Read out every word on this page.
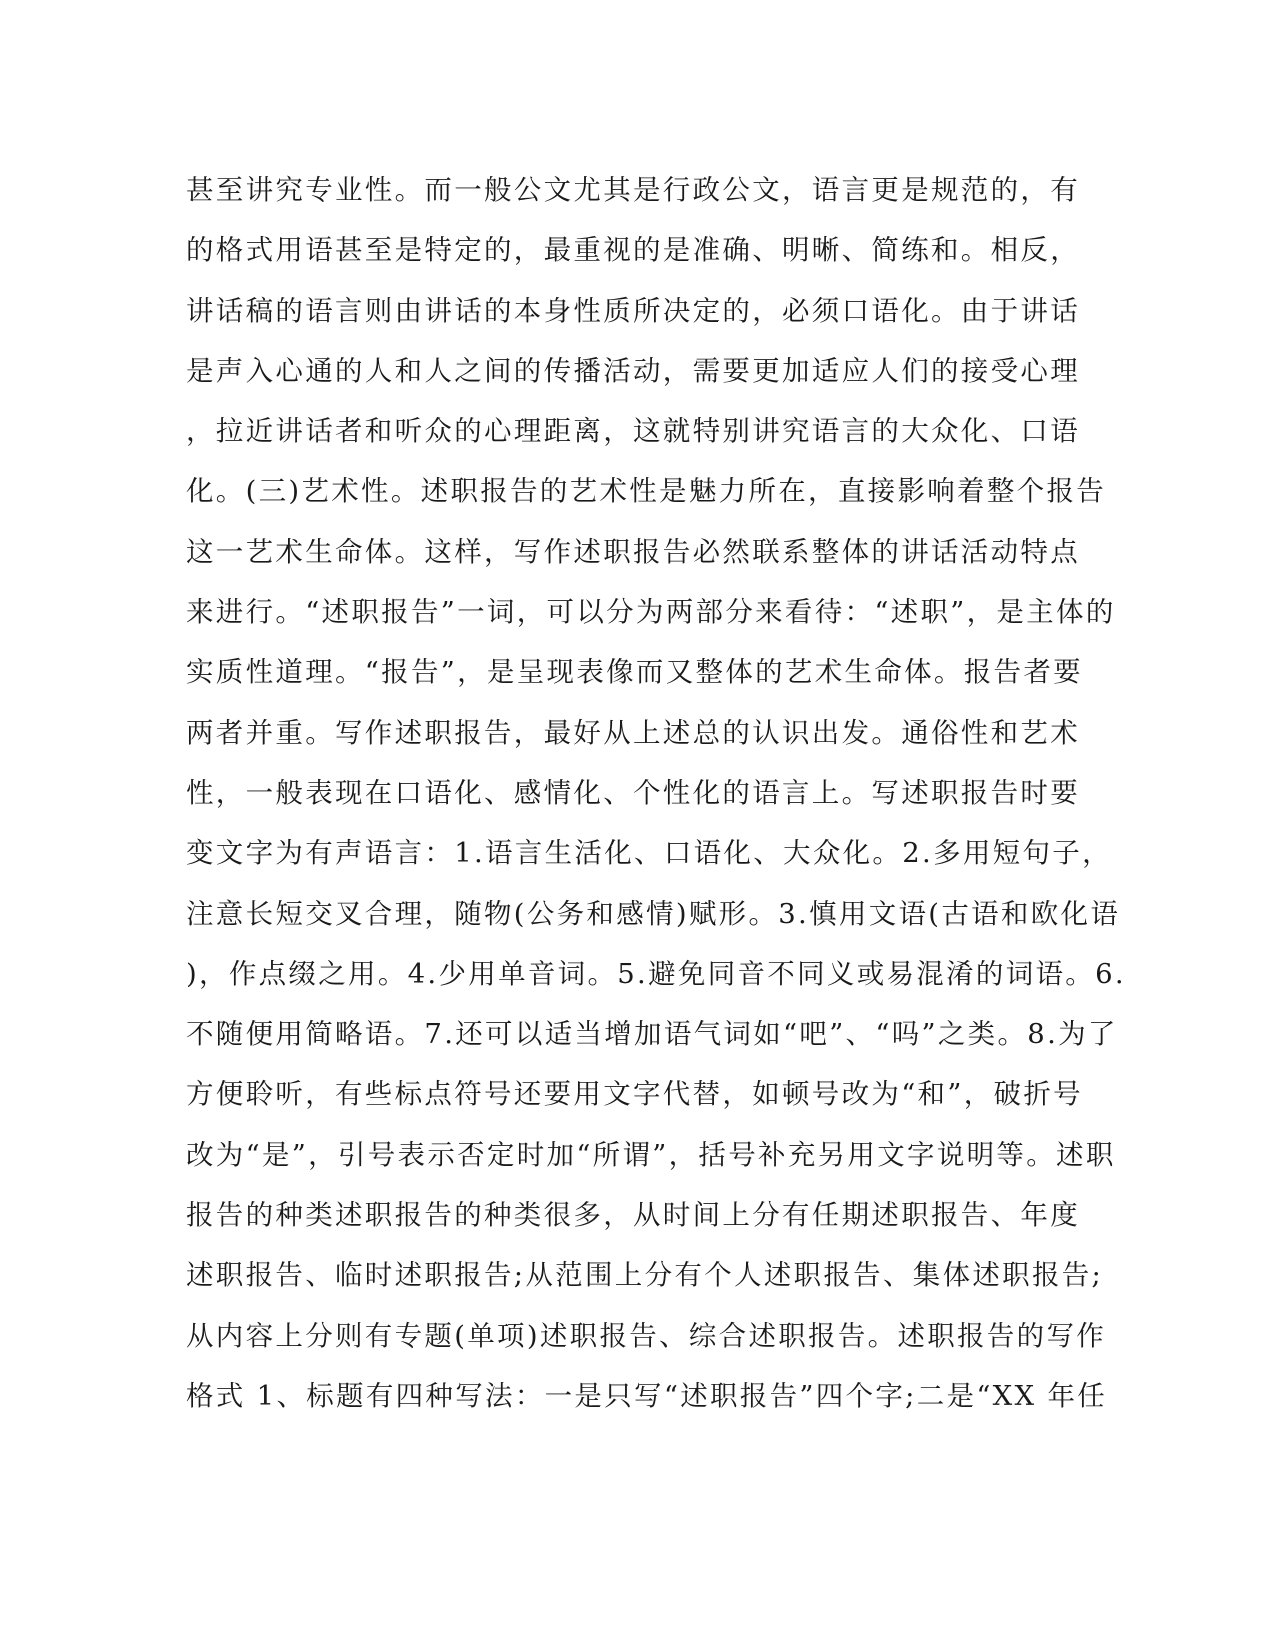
甚至讲究专业性。而一般公文尤其是行政公文，语言更是规范的，有
的格式用语甚至是特定的，最重视的是准确、明晰、简练和。相反，
讲话稿的语言则由讲话的本身性质所决定的，必须口语化。由于讲话
是声入心通的人和人之间的传播活动，需要更加适应人们的接受心理
，拉近讲话者和听众的心理距离，这就特别讲究语言的大众化、口语
化。(三)艺术性。述职报告的艺术性是魅力所在，直接影响着整个报告
这一艺术生命体。这样，写作述职报告必然联系整体的讲话活动特点
来进行。“述职报告”一词，可以分为两部分来看待：“述职”，是主体的
实质性道理。“报告”，是呈现表像而又整体的艺术生命体。报告者要
两者并重。写作述职报告，最好从上述总的认识出发。通俗性和艺术
性，一般表现在口语化、感情化、个性化的语言上。写述职报告时要
变文字为有声语言：1.语言生活化、口语化、大众化。2.多用短句子，
注意长短交叉合理，随物(公务和感情)赋形。3.慎用文语(古语和欧化语
)，作点缀之用。4.少用单音词。5.避免同音不同义或易混淆的词语。6.
不随便用简略语。7.还可以适当增加语气词如“吧”、“吗”之类。8.为了
方便聆听，有些标点符号还要用文字代替，如顿号改为“和”，破折号
改为“是”，引号表示否定时加“所谓”，括号补充另用文字说明等。述职
报告的种类述职报告的种类很多，从时间上分有任期述职报告、年度
述职报告、临时述职报告;从范围上分有个人述职报告、集体述职报告;
从内容上分则有专题(单项)述职报告、综合述职报告。述职报告的写作
格式 1、标题有四种写法：一是只写“述职报告”四个字;二是“XX 年任
